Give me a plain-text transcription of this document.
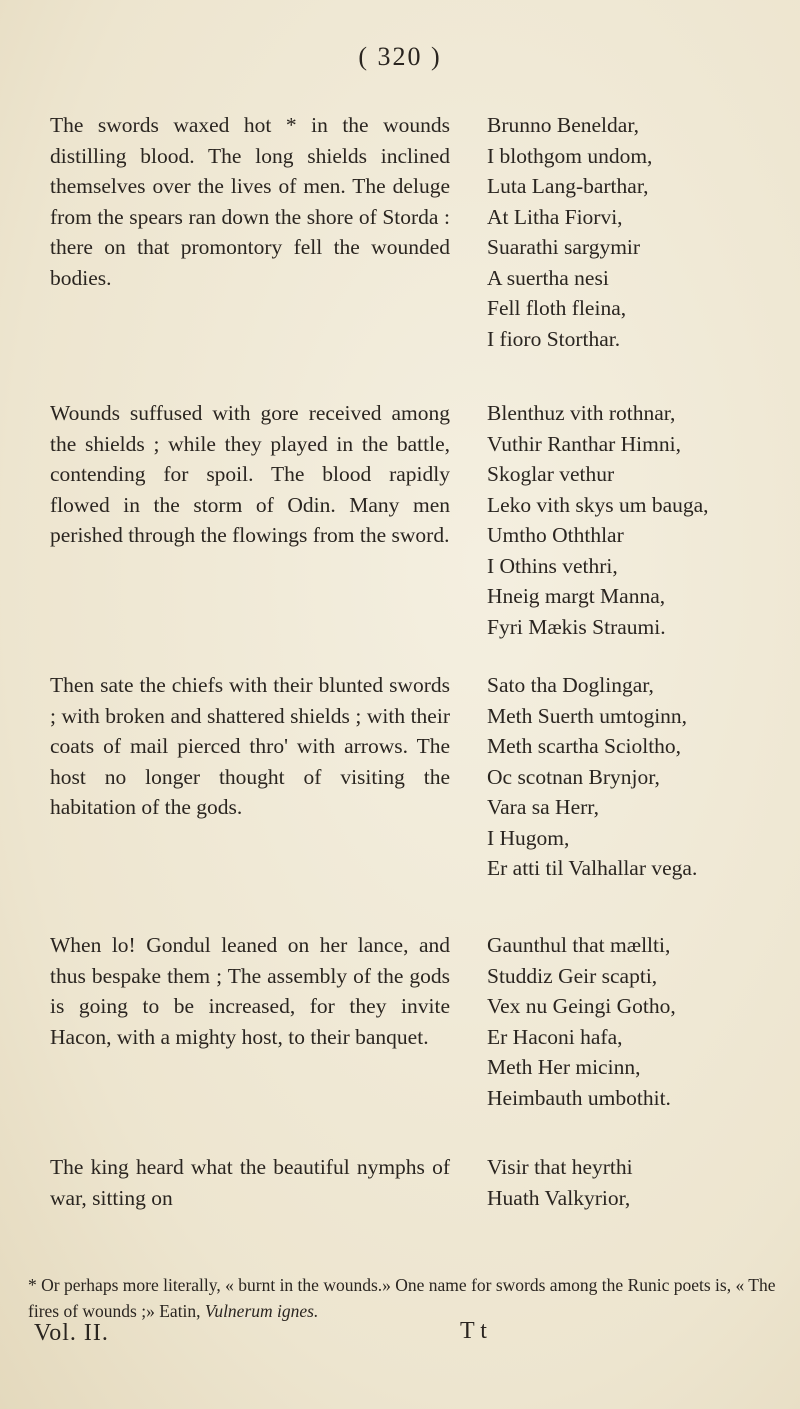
( 320 )
The swords waxed hot * in the wounds distilling blood. The long shields inclined themselves over the lives of men. The deluge from the spears ran down the shore of Storda : there on that promontory fell the wounded bodies.
Brunno Beneldar,
I blothgom undom,
Luta Lang-barthar,
At Litha Fiorvi,
Suarathi sargymir
A suertha nesi
Fell floth fleina,
I fioro Storthar.
Wounds suffused with gore received among the shields ; while they played in the battle, contending for spoil. The blood rapidly flowed in the storm of Odin. Many men perished through the flowings from the sword.
Blenthuz vith rothnar,
Vuthir Ranthar Himni,
Skoglar vethur
Leko vith skys um bauga,
Umtho Oththlar
I Othins vethri,
Hneig margt Manna,
Fyri Mækis Straumi.
Then sate the chiefs with their blunted swords ; with broken and shattered shields ; with their coats of mail pierced thro' with arrows. The host no longer thought of visiting the habitation of the gods.
Sato tha Doglingar,
Meth Suerth umtoginn,
Meth scartha Scioltho,
Oc scotnan Brynjor,
Vara sa Herr,
I Hugom,
Er atti til Valhallar vega.
When lo! Gondul leaned on her lance, and thus bespake them ; The assembly of the gods is going to be increased, for they invite Hacon, with a mighty host, to their banquet.
Gaunthul that mællti,
Studdiz Geir scapti,
Vex nu Geingi Gotho,
Er Haconi hafa,
Meth Her micinn,
Heimbauth umbothit.
The king heard what the beautiful nymphs of war, sitting on
Visir that heyrthi
Huath Valkyrior,
* Or perhaps more literally, « burnt in the wounds.» One name for swords among the Runic poets is, « The fires of wounds ;» Eatin, Vulnerum ignes.
Vol. II.	T t
